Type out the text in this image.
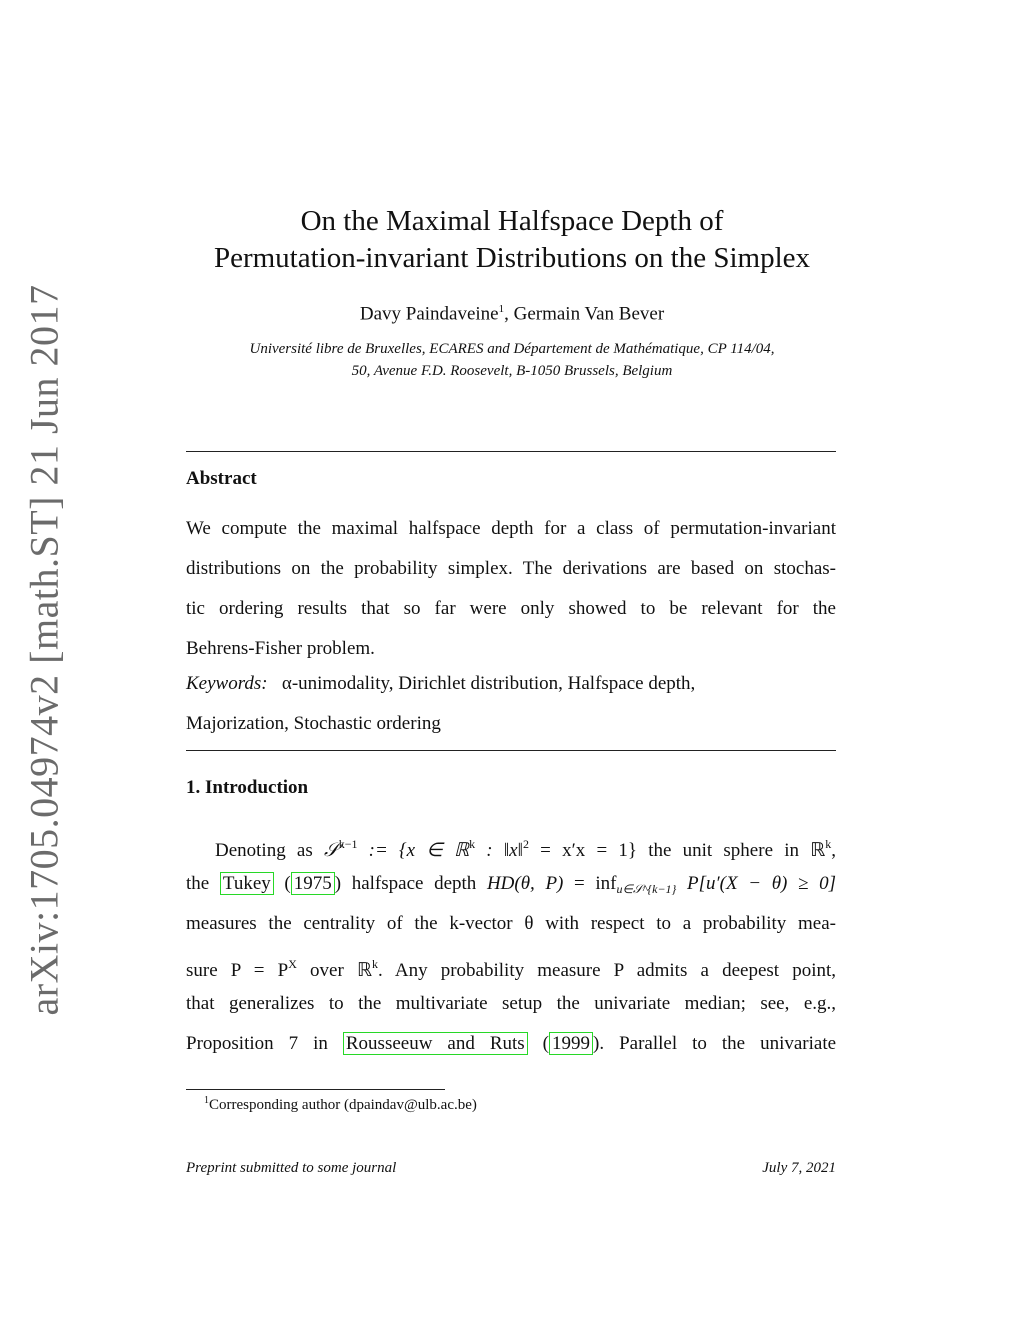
arXiv:1705.04974v2 [math.ST] 21 Jun 2017
On the Maximal Halfspace Depth of
Permutation-invariant Distributions on the Simplex
Davy Paindaveine$^1$, Germain Van Bever
Université libre de Bruxelles, ECARES and Département de Mathématique, CP 114/04,
50, Avenue F.D. Roosevelt, B-1050 Brussels, Belgium
Abstract
We compute the maximal halfspace depth for a class of permutation-invariant
distributions on the probability simplex. The derivations are based on stochas-
tic ordering results that so far were only showed to be relevant for the
Behrens-Fisher problem.
Keywords: α-unimodality, Dirichlet distribution, Halfspace depth,
Majorization, Stochastic ordering
1. Introduction
Denoting as 𝒮$^{k-1}$ := {x ∈ ℝ$^k$ : ‖x‖$^2$ = x′x = 1} the unit sphere in ℝ$^k$,
the Tukey ( 1975 ) halfspace depth HD(θ, P) = inf$_{u\in 𝒮\^{}\{k-1\}}$ P[u′(X − θ) ≥ 0]
measures the centrality of the k-vector θ with respect to a probability mea-
sure $P = P^X$ over ℝ$^k$. Any probability measure P admits a deepest point,
that generalizes to the multivariate setup the univariate median; see, e.g.,
Proposition 7 in Rousseeuw and Ruts ( 1999 ). Parallel to the univariate
$^1$Corresponding author (dpaindav@ulb.ac.be)
Preprint submitted to some journal	July 7, 2021
